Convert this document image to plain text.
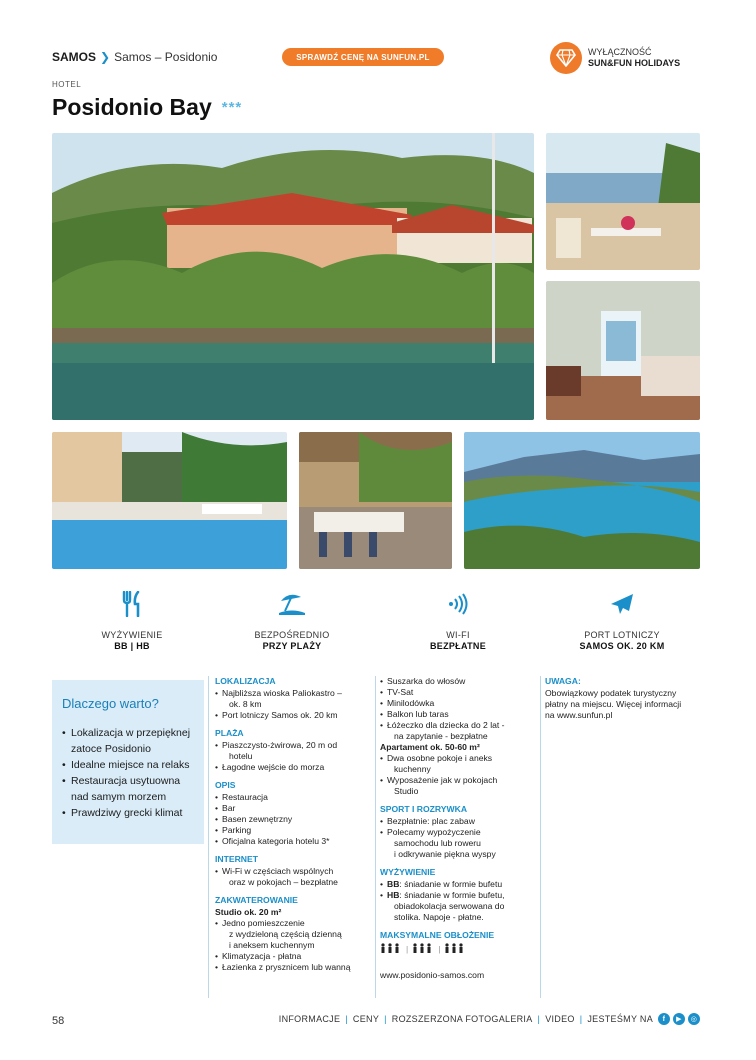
SAMOS ❯ Samos – Posidonio	SPRAWDŹ CENĘ NA SUNFUN.PL	WYŁĄCZNOŚĆ
SUN&FUN HOLIDAYS
HOTEL
Posidonio Bay ***
WYŻYWIENIE
BB | HB
BEZPOŚREDNIO
PRZY PLAŻY
WI-FI
BEZPŁATNE
PORT LOTNICZY
SAMOS OK. 20 KM
Dlaczego warto?
• Lokalizacja w przepięknej zatoce Posidonio
• Idealne miejsce na relaks
• Restauracja usytuowna nad samym morzem
• Prawdziwy grecki klimat
LOKALIZACJA
• Najbliższa wioska Paliokastro –
ok. 8 km
• Port lotniczy Samos ok. 20 km
PLAŻA
• Piaszczysto-żwirowa, 20 m od
hotelu
• Łagodne wejście do morza
OPIS
• Restauracja
• Bar
• Basen zewnętrzny
• Parking
• Oficjalna kategoria hotelu 3*
INTERNET
• Wi-Fi w częściach wspólnych
oraz w pokojach – bezpłatne
ZAKWATEROWANIE
Studio ok. 20 m²
• Jedno pomieszczenie
z wydzieloną częścią dzienną
i aneksem kuchennym
• Klimatyzacja - płatna
• Łazienka z prysznicem lub wanną
• Suszarka do włosów
• TV-Sat
• Minilodówka
• Balkon lub taras
• Łóżeczko dla dziecka do 2 lat -
na zapytanie - bezpłatne
Apartament ok. 50-60 m²
• Dwa osobne pokoje i aneks
kuchenny
• Wyposażenie jak w pokojach
Studio
SPORT I ROZRYWKA
• Bezpłatnie: plac zabaw
• Polecamy wypożyczenie
samochodu lub roweru
i odkrywanie piękna wyspy
WYŻYWIENIE
• BB: śniadanie w formie bufetu
• HB: śniadanie w formie bufetu,
obiadokolacja serwowana do
stolika. Napoje - płatne.
MAKSYMALNE OBŁOŻENIE
|	|
www.posidonio-samos.com
UWAGA:
Obowiązkowy podatek turystyczny
płatny na miejscu. Więcej informacji
na www.sunfun.pl
58	INFORMACJE | CENY | ROZSZERZONA FOTOGALERIA | VIDEO | JESTEŚMY NA	f	▶	◎
